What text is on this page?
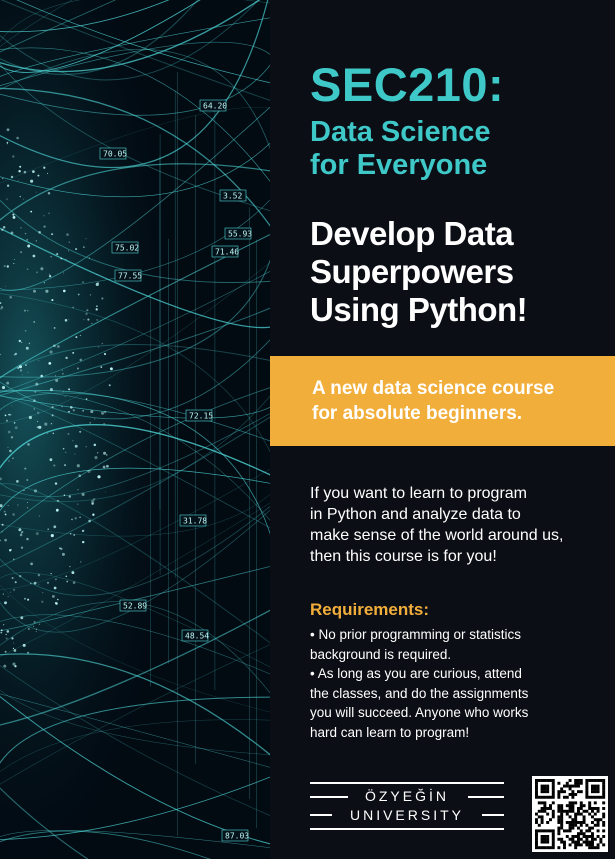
70.05
75.02
77.55
55.93
71.46
31.78
48.54
87.03
64.20
52.89
3.52
72.15
SEC210:
Data Science
for Everyone
Develop Data
Superpowers
Using Python!
A new data science course
for absolute beginners.
If you want to learn to program
in Python and analyze data to
make sense of the world around us,
then this course is for you!
Requirements:
• No prior programming or statistics
background is required.
• As long as you are curious, attend
the classes, and do the assignments
you will succeed. Anyone who works
hard can learn to program!
ÖZYEĞİN
UNIVERSITY
